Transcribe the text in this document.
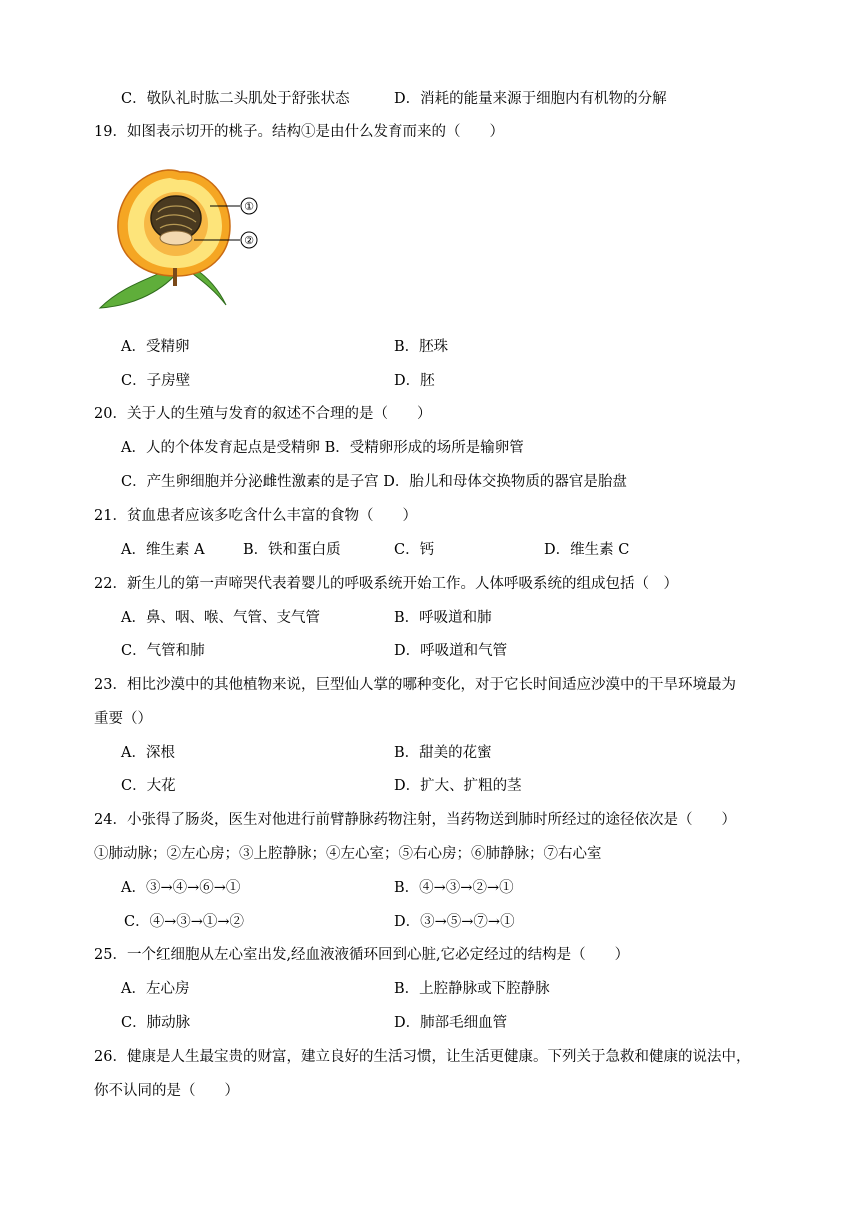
C．敬队礼时肱二头肌处于舒张状态	D．消耗的能量来源于细胞内有机物的分解
19．如图表示切开的桃子。结构①是由什么发育而来的（　　）
①
②
A．受精卵	B．胚珠
C．子房壁	D．胚
20．关于人的生殖与发育的叙述不合理的是（　　）
A．人的个体发育起点是受精卵 B．受精卵形成的场所是输卵管
C．产生卵细胞并分泌雌性激素的是子宫 D．胎儿和母体交换物质的器官是胎盘
21．贫血患者应该多吃含什么丰富的食物（　　）
A．维生素 A	B．铁和蛋白质	C．钙	D．维生素 C
22．新生儿的第一声啼哭代表着婴儿的呼吸系统开始工作。人体呼吸系统的组成包括（　）
A．鼻、咽、喉、气管、支气管	B．呼吸道和肺
C．气管和肺	D．呼吸道和气管
23．相比沙漠中的其他植物来说，巨型仙人掌的哪种变化，对于它长时间适应沙漠中的干旱环境最为
重要（）
A．深根	B．甜美的花蜜
C．大花	D．扩大、扩粗的茎
24．小张得了肠炎，医生对他进行前臂静脉药物注射，当药物送到肺时所经过的途径依次是（　　）
①肺动脉；②左心房；③上腔静脉；④左心室；⑤右心房；⑥肺静脉；⑦右心室
A．③→④→⑥→①	B．④→③→②→①
C．④→③→①→②	D．③→⑤→⑦→①
25．一个红细胞从左心室出发,经血液液循环回到心脏,它必定经过的结构是（　　）
A．左心房	B．上腔静脉或下腔静脉
C．肺动脉	D．肺部毛细血管
26．健康是人生最宝贵的财富，建立良好的生活习惯，让生活更健康。下列关于急救和健康的说法中，
你不认同的是（　　）
